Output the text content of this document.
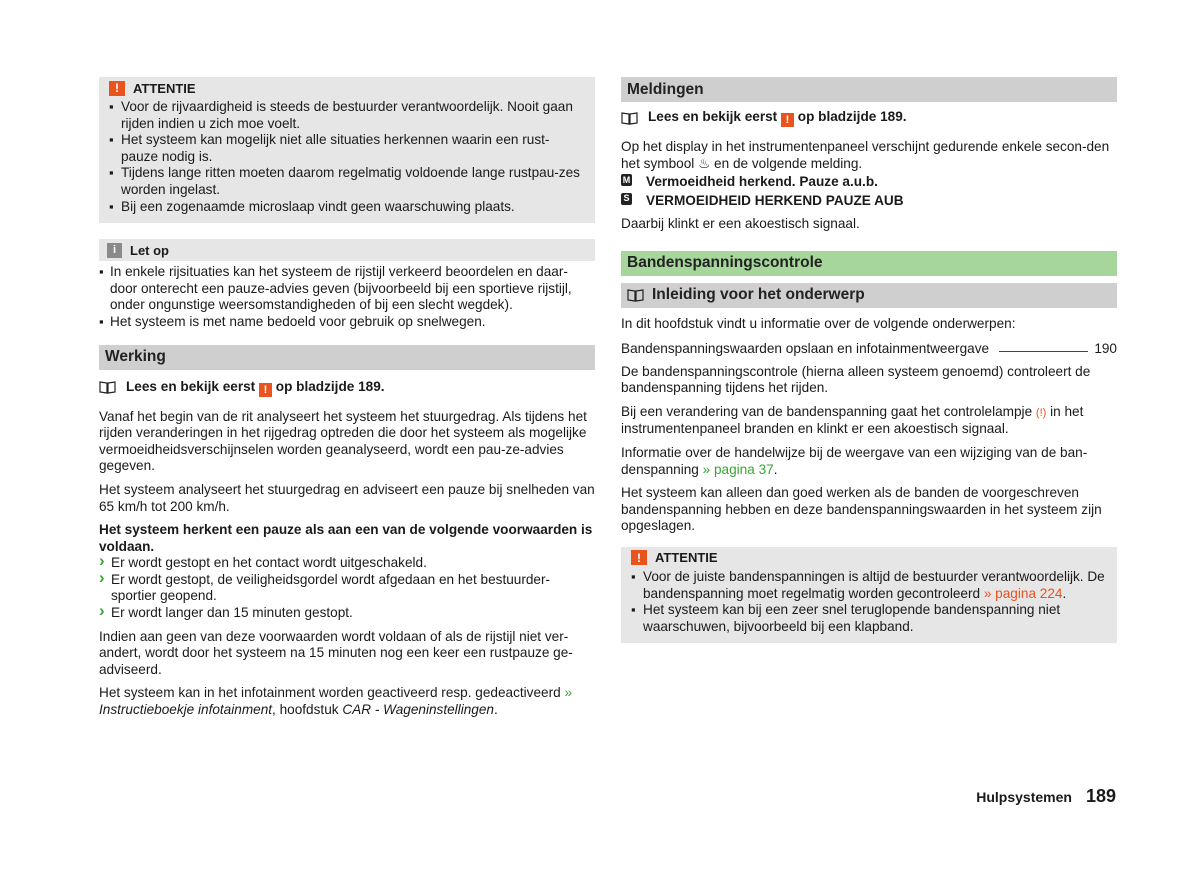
!	ATTENTIE

▪ Voor de rijvaardigheid is steeds de bestuurder verantwoordelijk. Nooit gaan rijden indien u zich moe voelt.

▪ Het systeem kan mogelijk niet alle situaties herkennen waarin een rust-pauze nodig is.

▪ Tijdens lange ritten moeten daarom regelmatig voldoende lange rustpau-zes worden ingelast.

▪ Bij een zogenaamde microslaap vindt geen waarschuwing plaats.

i	Let op

▪ In enkele rijsituaties kan het systeem de rijstijl verkeerd beoordelen en daar-door onterecht een pauze-advies geven (bijvoorbeeld bij een sportieve rijstijl, onder ongunstige weersomstandigheden of bij een slecht wegdek).

▪ Het systeem is met name bedoeld voor gebruik op snelwegen.

Werking
Lees en bekijk eerst ! op bladzijde 189.

Vanaf het begin van de rit analyseert het systeem het stuurgedrag. Als tijdens het rijden veranderingen in het rijgedrag optreden die door het systeem als mogelijke vermoeidheidsverschijnselen worden geanalyseerd, wordt een pau-ze-advies gegeven.

Het systeem analyseert het stuurgedrag en adviseert een pauze bij snelheden van 65 km/h tot 200 km/h.

Het systeem herkent een pauze als aan een van de volgende voorwaarden is voldaan.

› Er wordt gestopt en het contact wordt uitgeschakeld.

› Er wordt gestopt, de veiligheidsgordel wordt afgedaan en het bestuurder-sportier geopend.

› Er wordt langer dan 15 minuten gestopt.

Indien aan geen van deze voorwaarden wordt voldaan of als de rijstijl niet ver-andert, wordt door het systeem na 15 minuten nog een keer een rustpauze ge-adviseerd.

Het systeem kan in het infotainment worden geactiveerd resp. gedeactiveerd » Instructieboekje infotainment, hoofdstuk CAR - Wageninstellingen.

Meldingen
Lees en bekijk eerst ! op bladzijde 189.

Op het display in het instrumentenpaneel verschijnt gedurende enkele secon-den het symbool ♨ en de volgende melding.

M Vermoeidheid herkend. Pauze a.u.b.

S VERMOEIDHEID HERKEND PAUZE AUB

Daarbij klinkt er een akoestisch signaal.

Bandenspanningscontrole
Inleiding voor het onderwerp

In dit hoofdstuk vindt u informatie over de volgende onderwerpen:

Bandenspanningswaarden opslaan en infotainmentweergave	190

De bandenspanningscontrole (hierna alleen systeem genoemd) controleert de bandenspanning tijdens het rijden.

Bij een verandering van de bandenspanning gaat het controlelampje (!) in het instrumentenpaneel branden en klinkt er een akoestisch signaal.

Informatie over de handelwijze bij de weergave van een wijziging van de ban-denspanning » pagina 37.

Het systeem kan alleen dan goed werken als de banden de voorgeschreven bandenspanning hebben en deze bandenspanningswaarden in het systeem zijn opgeslagen.

!	ATTENTIE

▪ Voor de juiste bandenspanningen is altijd de bestuurder verantwoordelijk. De bandenspanning moet regelmatig worden gecontroleerd » pagina 224.

▪ Het systeem kan bij een zeer snel teruglopende bandenspanning niet waarschuwen, bijvoorbeeld bij een klapband.

Hulpsystemen 189
